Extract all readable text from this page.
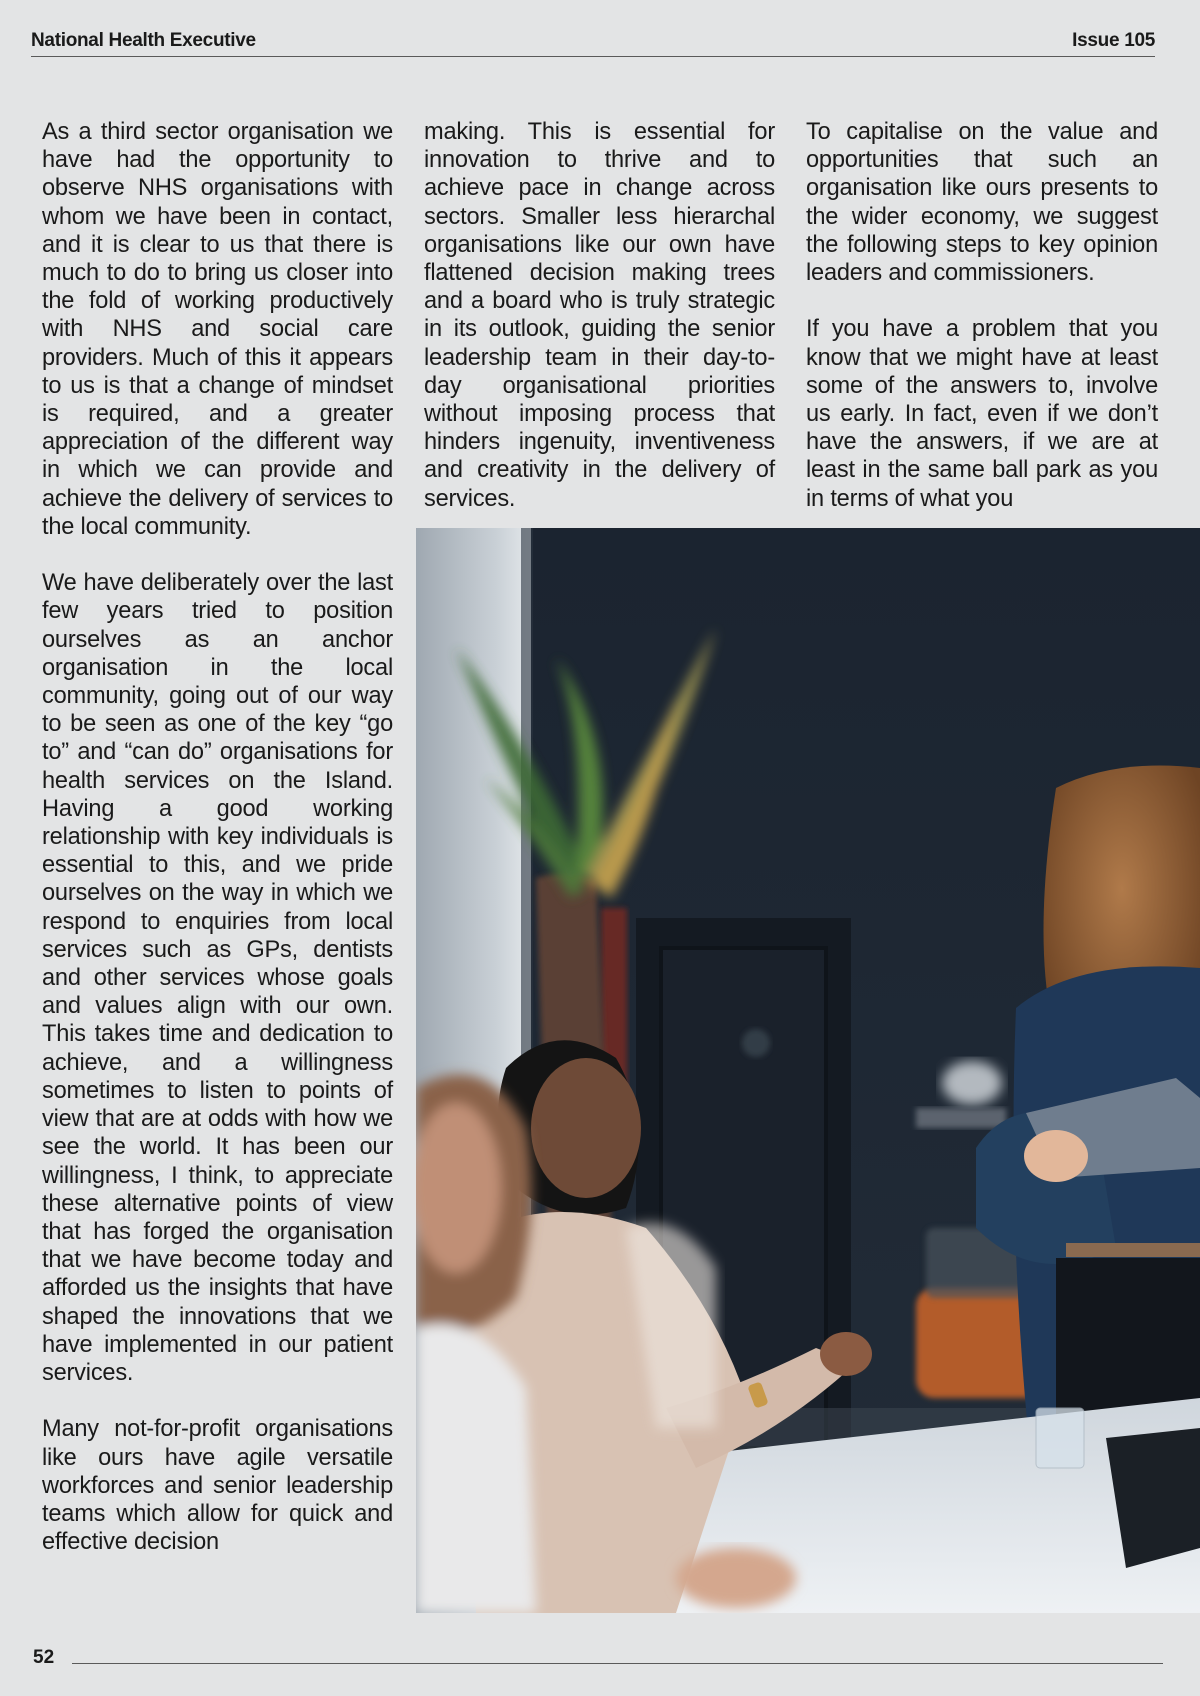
National Health Executive	Issue 105

As a third sector organisation we have had the opportunity to observe NHS organisations with whom we have been in contact, and it is clear to us that there is much to do to bring us closer into the fold of working productively with NHS and social care providers. Much of this it appears to us is that a change of mindset is required, and a greater appreciation of the different way in which we can provide and achieve the delivery of services to the local community.

We have deliberately over the last few years tried to position ourselves as an anchor organisation in the local community, going out of our way to be seen as one of the key “go to” and “can do” organisations for health services on the Island. Having a good working relationship with key individuals is essential to this, and we pride ourselves on the way in which we respond to enquiries from local services such as GPs, dentists and other services whose goals and values align with our own. This takes time and dedication to achieve, and a willingness sometimes to listen to points of view that are at odds with how we see the world. It has been our willingness, I think, to appreciate these alternative points of view that has forged the organisation that we have become today and afforded us the insights that have shaped the innovations that we have implemented in our patient services.

Many not-for-profit organisations like ours have agile versatile workforces and senior leadership teams which allow for quick and effective decision

making. This is essential for innovation to thrive and to achieve pace in change across sectors. Smaller less hierarchal organisations like our own have flattened decision making trees and a board who is truly strategic in its outlook, guiding the senior leadership team in their day-to-day organisational priorities without imposing process that hinders ingenuity, inventiveness and creativity in the delivery of services.

To capitalise on the value and opportunities that such an organisation like ours presents to the wider economy, we suggest the following steps to key opinion leaders and commissioners.

If you have a problem that you know that we might have at least some of the answers to, involve us early. In fact, even if we don’t have the answers, if we are at least in the same ball park as you in terms of what you

52
